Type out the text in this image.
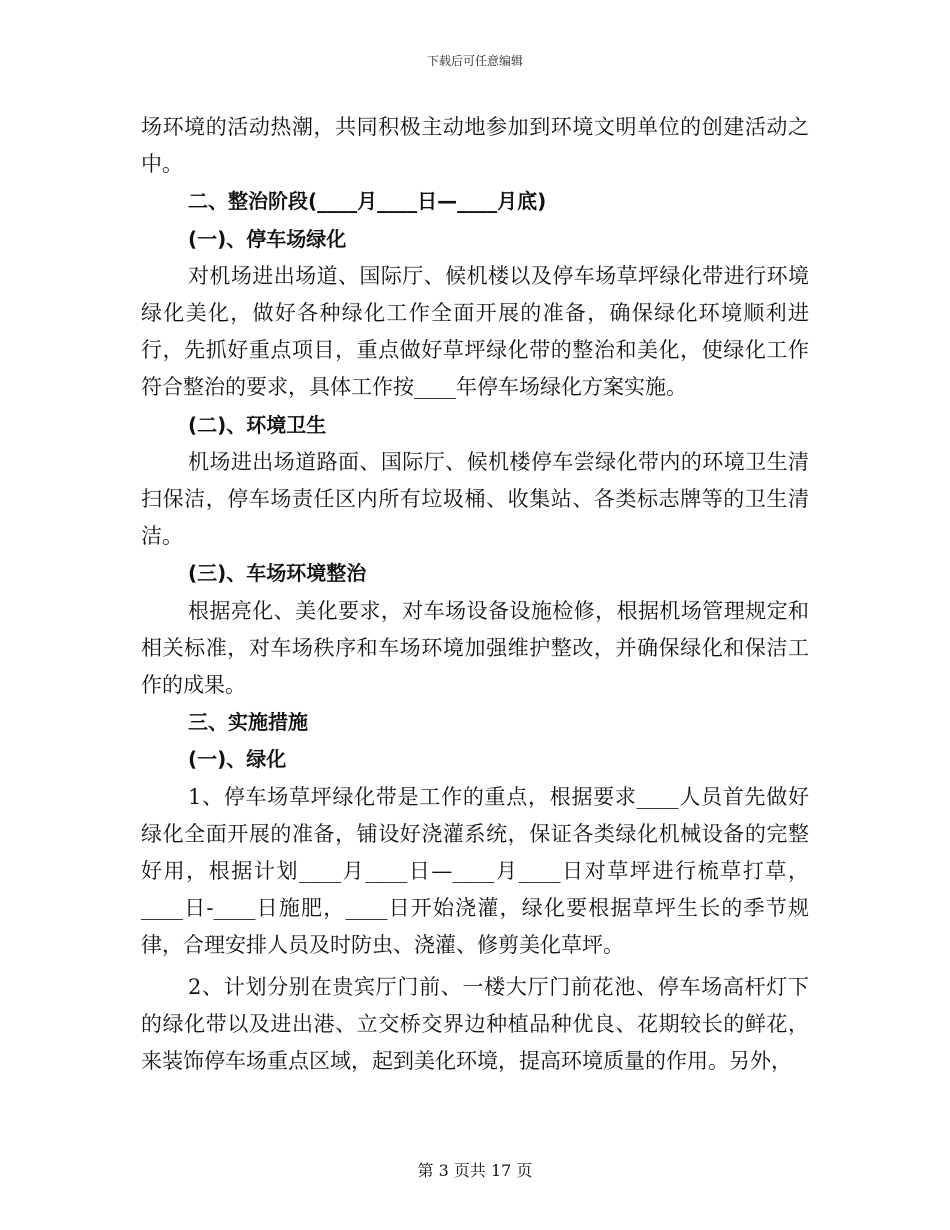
下载后可任意编辑

场环境的活动热潮，共同积极主动地参加到环境文明单位的创建活动之中。

二、整治阶段(____月____日—____月底)

(一)、停车场绿化

对机场进出场道、国际厅、候机楼以及停车场草坪绿化带进行环境绿化美化，做好各种绿化工作全面开展的准备，确保绿化环境顺利进行，先抓好重点项目，重点做好草坪绿化带的整治和美化，使绿化工作符合整治的要求，具体工作按____年停车场绿化方案实施。

(二)、环境卫生

机场进出场道路面、国际厅、候机楼停车尝绿化带内的环境卫生清扫保洁，停车场责任区内所有垃圾桶、收集站、各类标志牌等的卫生清洁。

(三)、车场环境整治

根据亮化、美化要求，对车场设备设施检修，根据机场管理规定和相关标准，对车场秩序和车场环境加强维护整改，并确保绿化和保洁工作的成果。

三、实施措施

(一)、绿化

1、停车场草坪绿化带是工作的重点，根据要求____人员首先做好绿化全面开展的准备，铺设好浇灌系统，保证各类绿化机械设备的完整好用，根据计划____月____日—____月____日对草坪进行梳草打草，____日-____日施肥，____日开始浇灌，绿化要根据草坪生长的季节规律，合理安排人员及时防虫、浇灌、修剪美化草坪。

2、计划分别在贵宾厅门前、一楼大厅门前花池、停车场高杆灯下的绿化带以及进出港、立交桥交界边种植品种优良、花期较长的鲜花，来装饰停车场重点区域，起到美化环境，提高环境质量的作用。另外，

第 3 页共 17 页
